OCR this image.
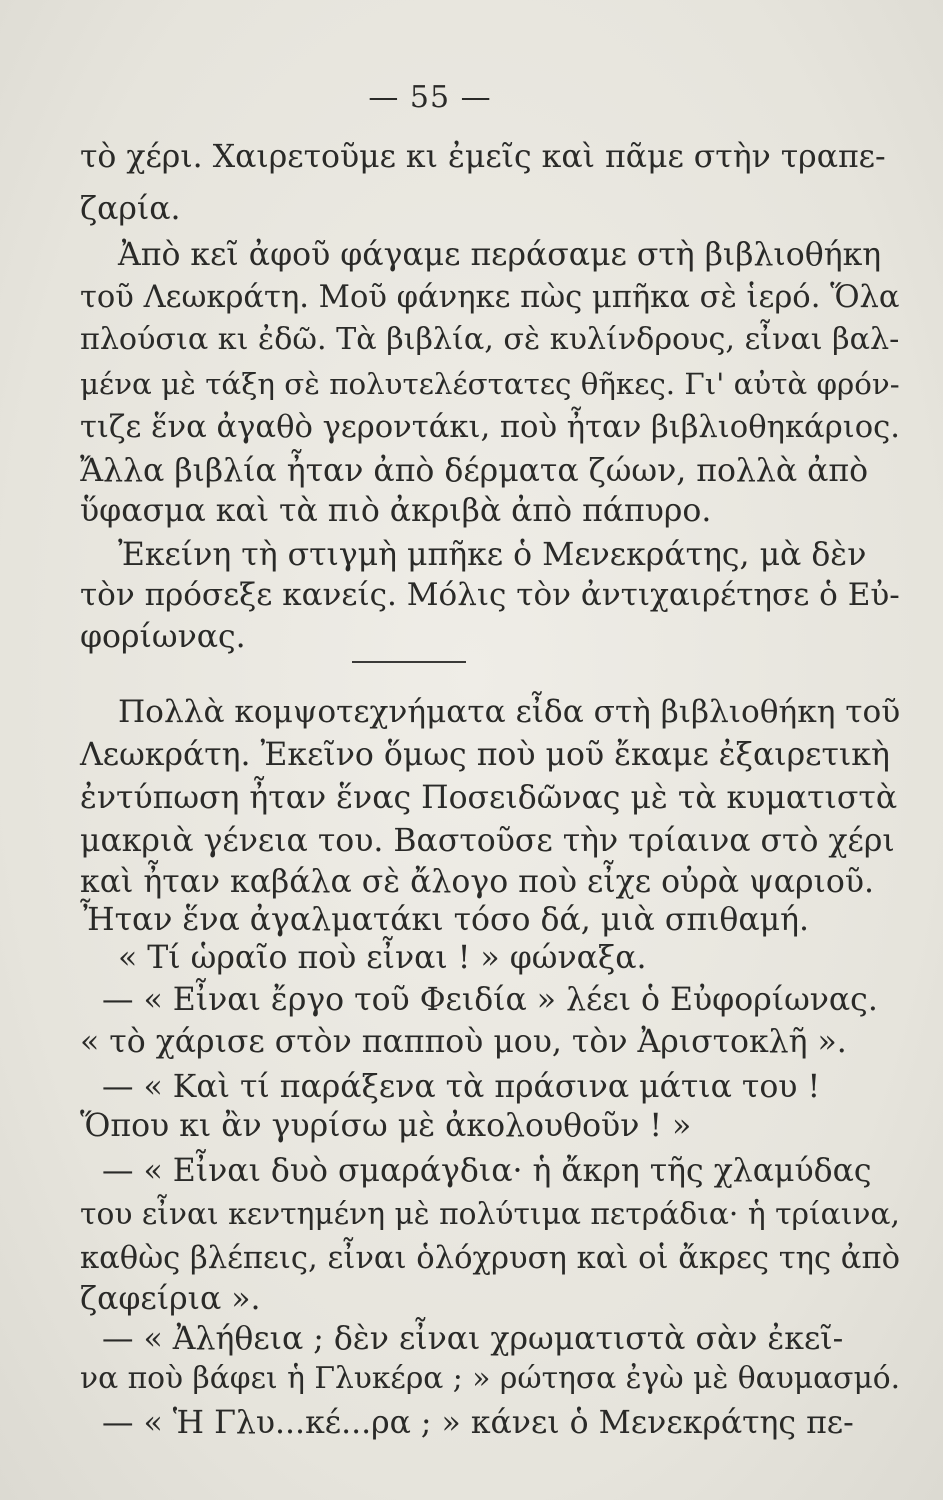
— 55 —
τὸ χέρι. Χαιρετοῦμε κι ἐμεῖς καὶ πᾶμε στὴν τραπε-
ζαρία.
Ἀπὸ κεῖ ἀφοῦ φάγαμε περάσαμε στὴ βιβλιοθήκη
τοῦ Λεωκράτη. Μοῦ φάνηκε πὼς μπῆκα σὲ ἱερό. Ὅλα
πλούσια κι ἐδῶ. Τὰ βιβλία, σὲ κυλίνδρους, εἶναι βαλ-
μένα μὲ τάξη σὲ πολυτελέστατες θῆκες. Γι' αὐτὰ φρόν-
τιζε ἕνα ἀγαθὸ γεροντάκι, ποὺ ἦταν βιβλιοθηκάριος.
Ἄλλα βιβλία ἦταν ἀπὸ δέρματα ζώων, πολλὰ ἀπὸ
ὕφασμα καὶ τὰ πιὸ ἀκριβὰ ἀπὸ πάπυρο.
Ἐκείνη τὴ στιγμὴ μπῆκε ὁ Μενεκράτης, μὰ δὲν
τὸν πρόσεξε κανείς. Μόλις τὸν ἀντιχαιρέτησε ὁ Εὐ-
φορίωνας.
Πολλὰ κομψοτεχνήματα εἶδα στὴ βιβλιοθήκη τοῦ
Λεωκράτη. Ἐκεῖνο ὅμως ποὺ μοῦ ἔκαμε ἐξαιρετικὴ
ἐντύπωση ἦταν ἕνας Ποσειδῶνας μὲ τὰ κυματιστὰ
μακριὰ γένεια του. Βαστοῦσε τὴν τρίαινα στὸ χέρι
καὶ ἦταν καβάλα σὲ ἄλογο ποὺ εἶχε οὐρὰ ψαριοῦ.
Ἦταν ἕνα ἀγαλματάκι τόσο δά, μιὰ σπιθαμή.
« Τί ὡραῖο ποὺ εἶναι ! » φώναξα.
— « Εἶναι ἔργο τοῦ Φειδία » λέει ὁ Εὐφορίωνας.
« τὸ χάρισε στὸν παπποὺ μου, τὸν Ἀριστοκλῆ ».
— « Καὶ τί παράξενα τὰ πράσινα μάτια του !
Ὅπου κι ἂν γυρίσω μὲ ἀκολουθοῦν ! »
— « Εἶναι δυὸ σμαράγδια· ἡ ἄκρη τῆς χλαμύδας
του εἶναι κεντημένη μὲ πολύτιμα πετράδια· ἡ τρίαινα,
καθὼς βλέπεις, εἶναι ὁλόχρυση καὶ οἱ ἄκρες της ἀπὸ
ζαφείρια ».
— « Ἀλήθεια ; δὲν εἶναι χρωματιστὰ σὰν ἐκεῖ-
να ποὺ βάφει ἡ Γλυκέρα ; » ρώτησα ἐγὼ μὲ θαυμασμό.
— « Ἡ Γλυ...κέ...ρα ; » κάνει ὁ Μενεκράτης πε-
